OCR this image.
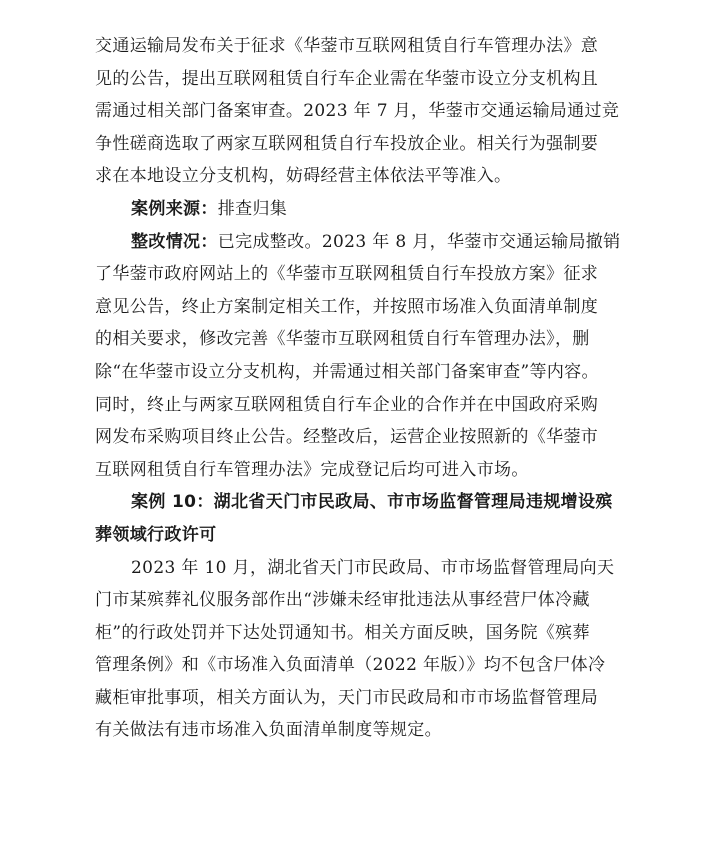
交通运输局发布关于征求《华蓥市互联网租赁自行车管理办法》意
见的公告，提出互联网租赁自行车企业需在华蓥市设立分支机构且
需通过相关部门备案审查。2023 年 7 月，华蓥市交通运输局通过竞
争性磋商选取了两家互联网租赁自行车投放企业。相关行为强制要
求在本地设立分支机构，妨碍经营主体依法平等准入。
案例来源：排查归集
整改情况：已完成整改。2023 年 8 月，华蓥市交通运输局撤销
了华蓥市政府网站上的《华蓥市互联网租赁自行车投放方案》征求
意见公告，终止方案制定相关工作，并按照市场准入负面清单制度
的相关要求，修改完善《华蓥市互联网租赁自行车管理办法》，删
除“在华蓥市设立分支机构，并需通过相关部门备案审查”等内容。
同时，终止与两家互联网租赁自行车企业的合作并在中国政府采购
网发布采购项目终止公告。经整改后，运营企业按照新的《华蓥市
互联网租赁自行车管理办法》完成登记后均可进入市场。
案例 10：湖北省天门市民政局、市市场监督管理局违规增设殡
葬领域行政许可
2023 年 10 月，湖北省天门市民政局、市市场监督管理局向天
门市某殡葬礼仪服务部作出“涉嫌未经审批违法从事经营尸体冷藏
柜”的行政处罚并下达处罚通知书。相关方面反映，国务院《殡葬
管理条例》和《市场准入负面清单（2022 年版）》均不包含尸体冷
藏柜审批事项，相关方面认为，天门市民政局和市市场监督管理局
有关做法有违市场准入负面清单制度等规定。
